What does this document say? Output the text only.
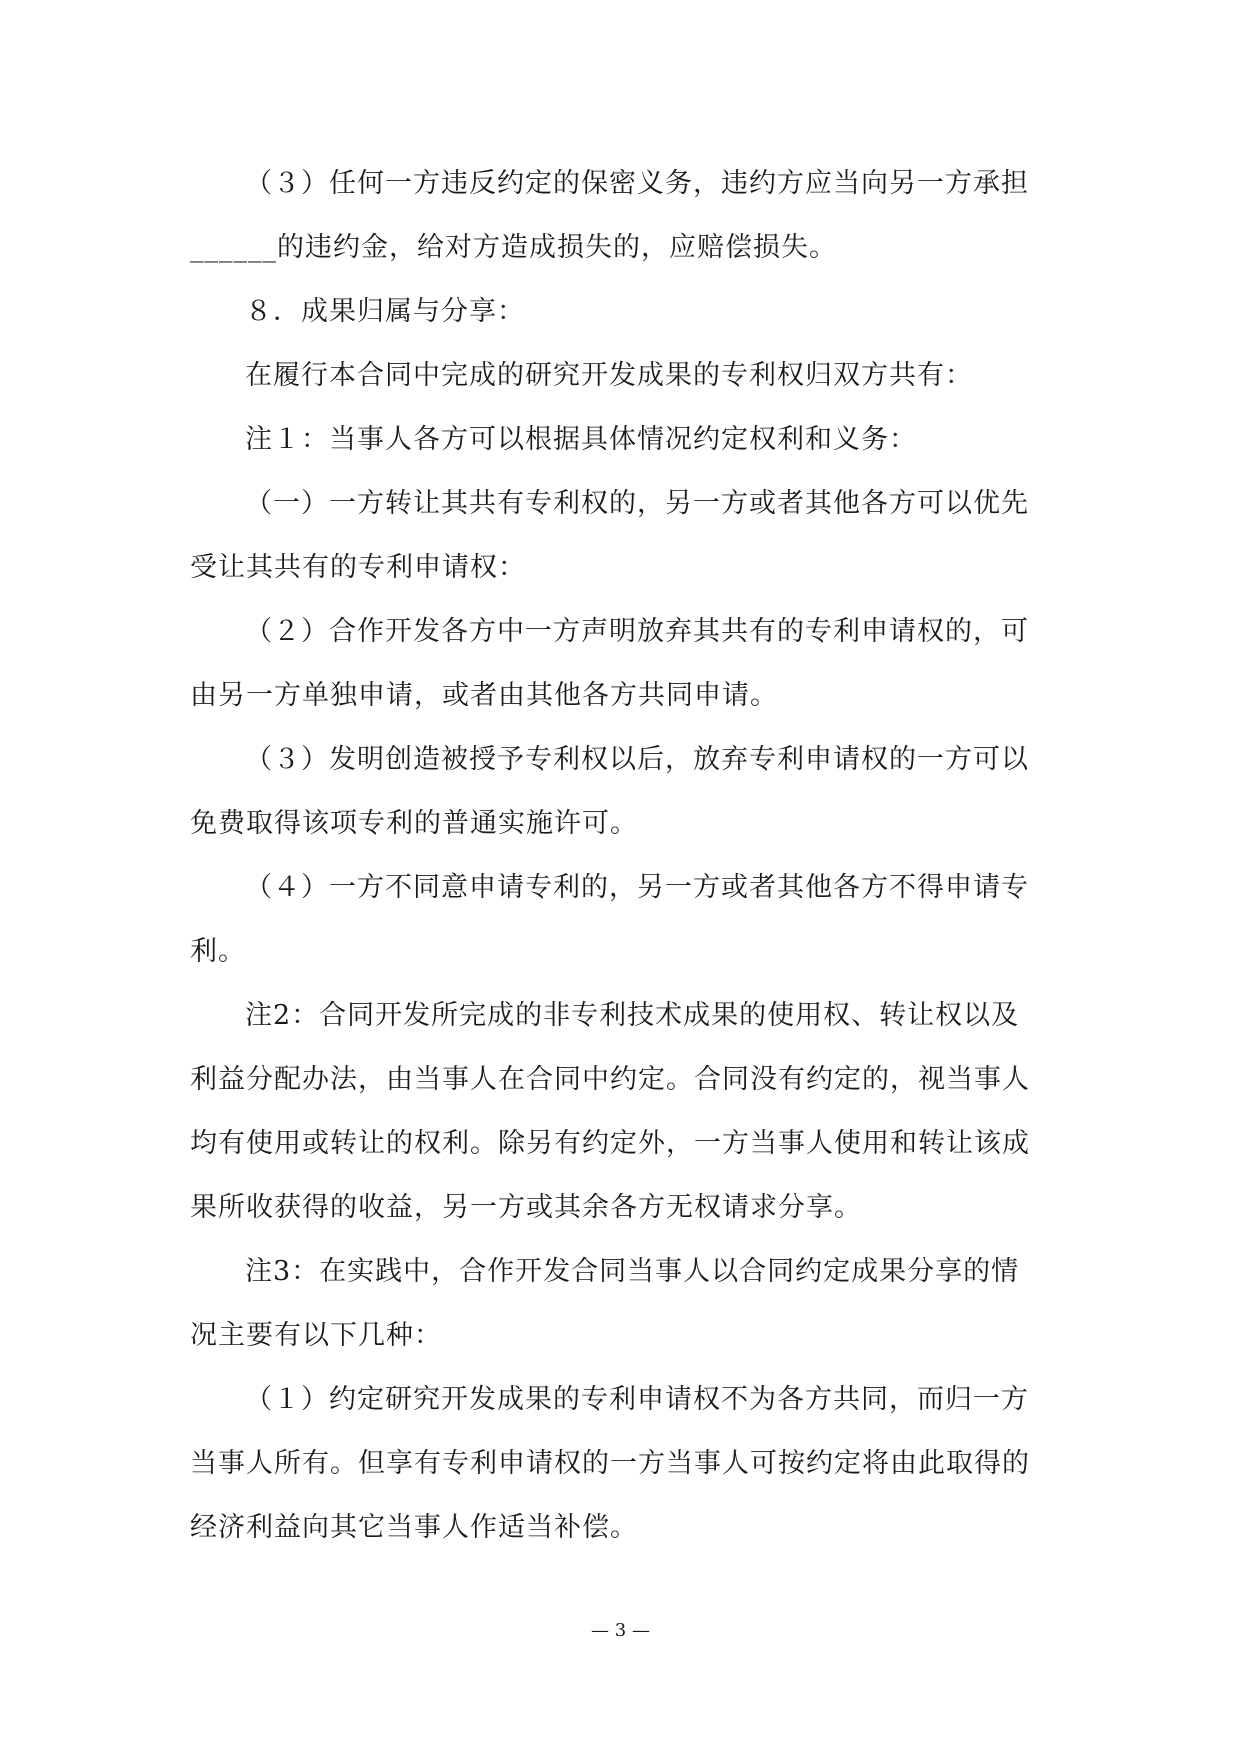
（３）任何一方违反约定的保密义务，违约方应当向另一方承担
______的违约金，给对方造成损失的，应赔偿损失。
８．成果归属与分享：
在履行本合同中完成的研究开发成果的专利权归双方共有：
注１：当事人各方可以根据具体情况约定权利和义务：
（一）一方转让其共有专利权的，另一方或者其他各方可以优先
受让其共有的专利申请权：
（２）合作开发各方中一方声明放弃其共有的专利申请权的，可
由另一方单独申请，或者由其他各方共同申请。
（３）发明创造被授予专利权以后，放弃专利申请权的一方可以
免费取得该项专利的普通实施许可。
（４）一方不同意申请专利的，另一方或者其他各方不得申请专
利。
注2：合同开发所完成的非专利技术成果的使用权、转让权以及
利益分配办法，由当事人在合同中约定。合同没有约定的，视当事人
均有使用或转让的权利。除另有约定外，一方当事人使用和转让该成
果所收获得的收益，另一方或其余各方无权请求分享。
注3：在实践中，合作开发合同当事人以合同约定成果分享的情
况主要有以下几种：
（１）约定研究开发成果的专利申请权不为各方共同，而归一方
当事人所有。但享有专利申请权的一方当事人可按约定将由此取得的
经济利益向其它当事人作适当补偿。
— 3 —
